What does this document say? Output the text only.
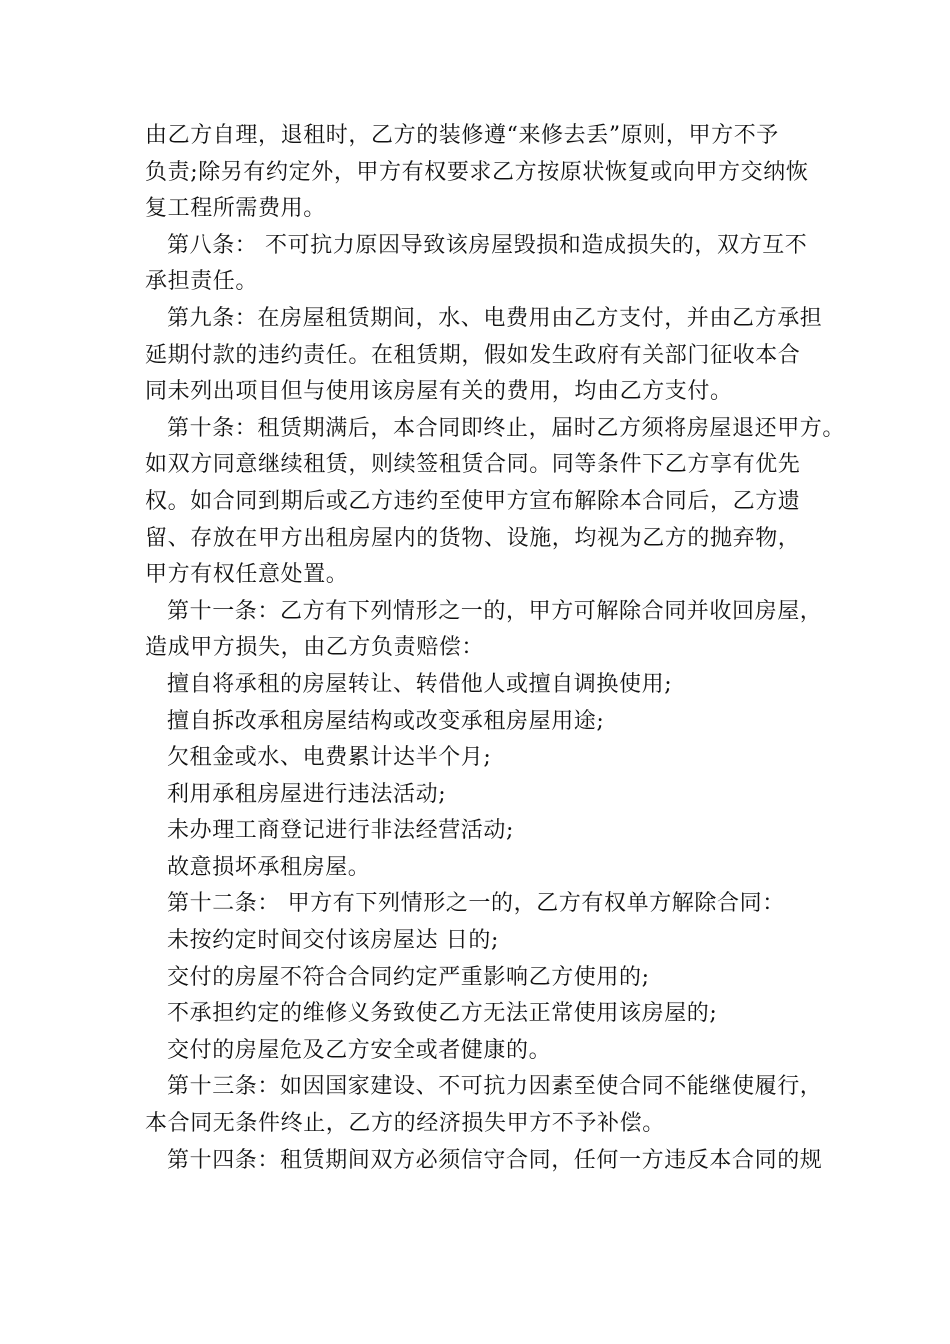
由乙方自理，退租时，乙方的装修遵“来修去丢”原则，甲方不予
负责;除另有约定外，甲方有权要求乙方按原状恢复或向甲方交纳恢
复工程所需费用。
第八条： 不可抗力原因导致该房屋毁损和造成损失的，双方互不
承担责任。
第九条：在房屋租赁期间，水、电费用由乙方支付，并由乙方承担
延期付款的违约责任。在租赁期，假如发生政府有关部门征收本合
同未列出项目但与使用该房屋有关的费用，均由乙方支付。
第十条：租赁期满后，本合同即终止，届时乙方须将房屋退还甲方。
如双方同意继续租赁，则续签租赁合同。同等条件下乙方享有优先
权。如合同到期后或乙方违约至使甲方宣布解除本合同后，乙方遗
留、存放在甲方出租房屋内的货物、设施，均视为乙方的抛弃物，
甲方有权任意处置。
第十一条：乙方有下列情形之一的，甲方可解除合同并收回房屋，
造成甲方损失，由乙方负责赔偿：
擅自将承租的房屋转让、转借他人或擅自调换使用;
擅自拆改承租房屋结构或改变承租房屋用途;
欠租金或水、电费累计达半个月;
利用承租房屋进行违法活动;
未办理工商登记进行非法经营活动;
故意损坏承租房屋。
第十二条： 甲方有下列情形之一的，乙方有权单方解除合同：
未按约定时间交付该房屋达 日的;
交付的房屋不符合合同约定严重影响乙方使用的;
不承担约定的维修义务致使乙方无法正常使用该房屋的;
交付的房屋危及乙方安全或者健康的。
第十三条：如因国家建设、不可抗力因素至使合同不能继使履行，
本合同无条件终止，乙方的经济损失甲方不予补偿。
第十四条：租赁期间双方必须信守合同，任何一方违反本合同的规
